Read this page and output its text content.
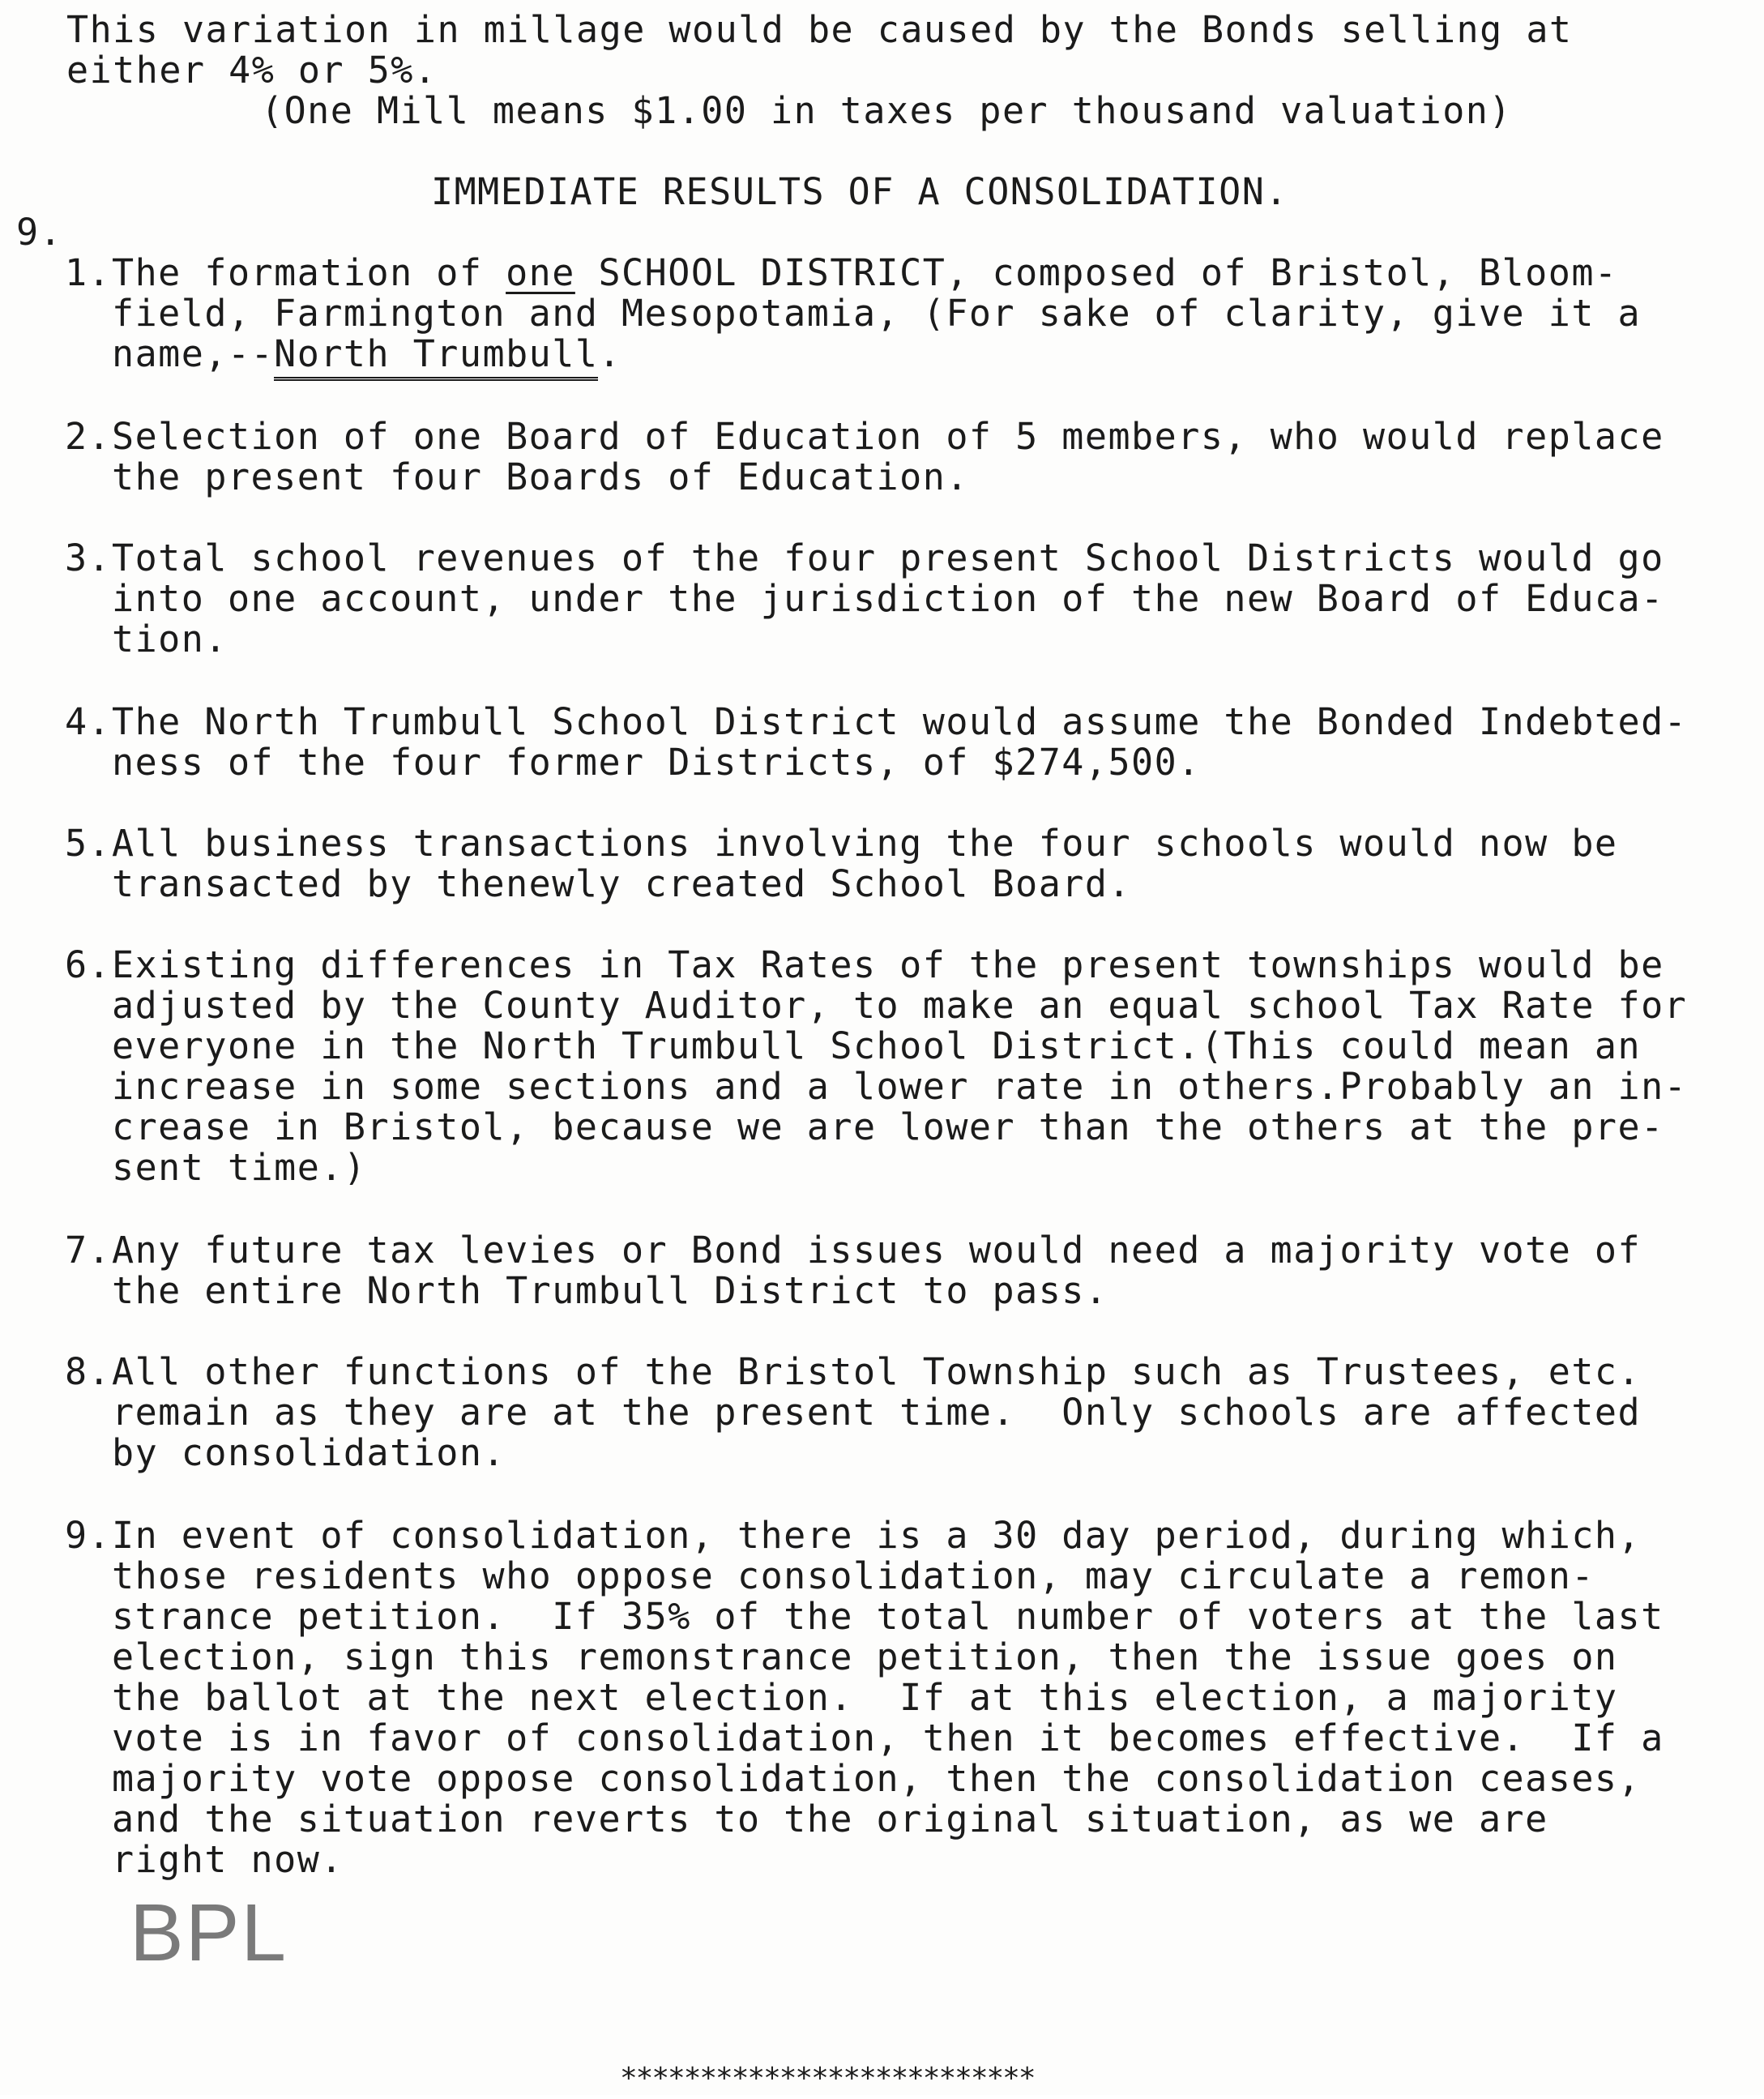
This variation in millage would be caused by the Bonds selling at
either 4% or 5%.

(One Mill means $1.00 in taxes per thousand valuation)

IMMEDIATE RESULTS OF A CONSOLIDATION.

9.

1.The formation of one SCHOOL DISTRICT, composed of Bristol, Bloom-
field, Farmington and Mesopotamia, (For sake of clarity, give it a
name,--North Trumbull.
2.Selection of one Board of Education of 5 members, who would replace
the present four Boards of Education.
3.Total school revenues of the four present School Districts would go
into one account, under the jurisdiction of the new Board of Educa-
tion.
4.The North Trumbull School District would assume the Bonded Indebted-
ness of the four former Districts, of $274,500.
5.All business transactions involving the four schools would now be
transacted by thenewly created School Board.
6.Existing differences in Tax Rates of the present townships would be
adjusted by the County Auditor, to make an equal school Tax Rate for
everyone in the North Trumbull School District.(This could mean an
increase in some sections and a lower rate in others.Probably an in-
crease in Bristol, because we are lower than the others at the pre-
sent time.)
7.Any future tax levies or Bond issues would need a majority vote of
the entire North Trumbull District to pass.
8.All other functions of the Bristol Township such as Trustees, etc.
remain as they are at the present time.  Only schools are affected
by consolidation.
9.In event of consolidation, there is a 30 day period, during which,
those residents who oppose consolidation, may circulate a remon-
strance petition.  If 35% of the total number of voters at the last
election, sign this remonstrance petition, then the issue goes on
the ballot at the next election.  If at this election, a majority
vote is in favor of consolidation, then it becomes effective.  If a
majority vote oppose consolidation, then the consolidation ceases,
and the situation reverts to the original situation, as we are
right now.
BPL
**************************
